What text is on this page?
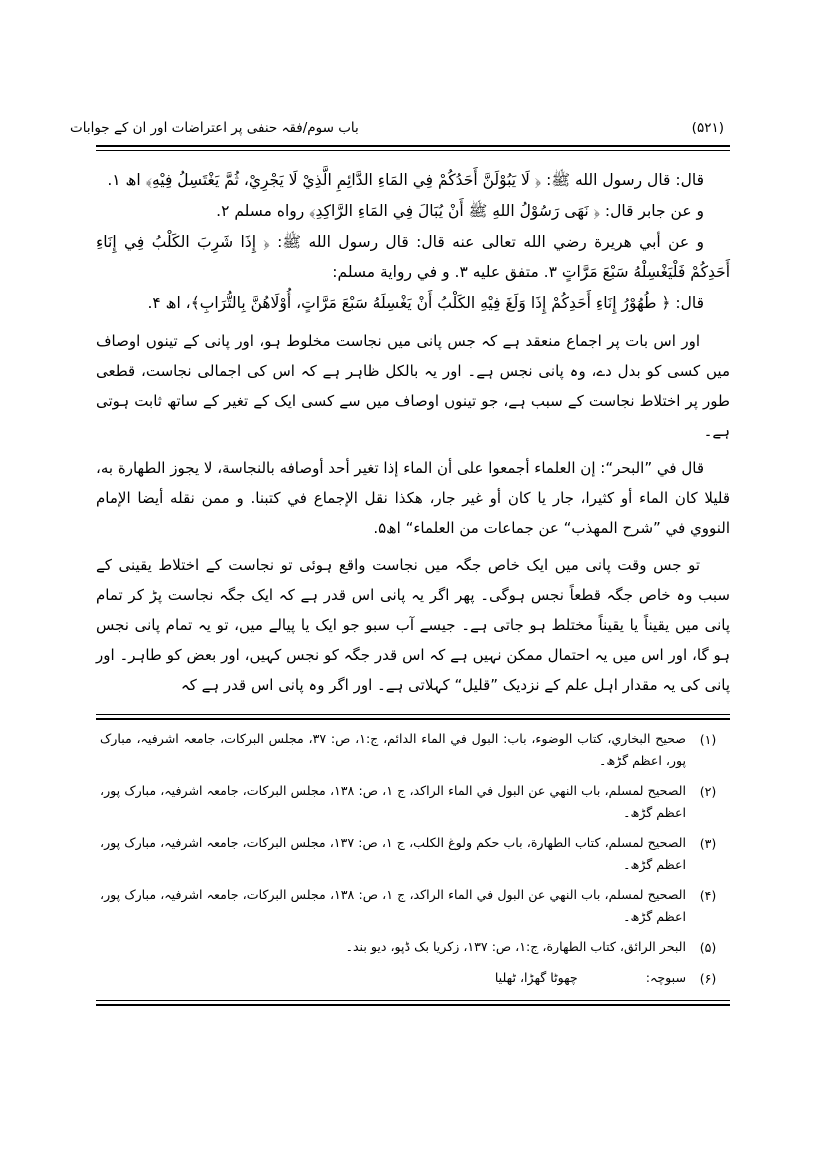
باب سوم/فقہ حنفی پر اعتراضات اور ان کے جوابات	(۵۲۱)

قال: قال رسول الله ﷺ: ﴿ لَا يَبُوْلَنَّ أَحَدُكُمْ فِي المَاءِ الدَّائِمِ الَّذِيْ لَا يَجْرِيْ، ثُمَّ يَغْتَسِلُ فِيْهِ﴾ اھ ۱.

و عن جابر قال: ﴿ نَهَى رَسُوْلُ اللهِ ﷺ أَنْ يُبَالَ فِي المَاءِ الرَّاكِدِ﴾ رواه مسلم ۲.

و عن أبي هريرة رضي الله تعالى عنه قال: قال رسول الله ﷺ: ﴿ إِذَا شَرِبَ الكَلْبُ فِي إِنَاءِ أَحَدِكُمْ فَلْيَغْسِلْهُ سَبْعَ مَرَّاتٍ ۳. متفق عليه ۳. و في رواية مسلم:

قال: ﴿ طُهُوْرُ إِنَاءِ أَحَدِكُمْ إِذَا وَلَغَ فِيْهِ الكَلْبُ أَنْ يَغْسِلَهُ سَبْعَ مَرَّاتٍ، أُوْلَاهُنَّ بِالتُّرَابِ﴾، اھ ۴.

اور اس بات پر اجماع منعقد ہے کہ جس پانی میں نجاست مخلوط ہو، اور پانی کے تینوں اوصاف میں کسی کو بدل دے، وہ پانی نجس ہے۔ اور یہ بالکل ظاہر ہے کہ اس کی اجمالی نجاست، قطعی طور پر اختلاط نجاست کے سبب ہے، جو تینوں اوصاف میں سے کسی ایک کے تغیر کے ساتھ ثابت ہوتی ہے۔

قال في ”البحر“: إن العلماء أجمعوا على أن الماء إذا تغير أحد أوصافه بالنجاسة، لا يجوز الطهارة به، قليلا كان الماء أو كثيرا، جار يا كان أو غير جار، هكذا نقل الإجماع في كتبنا. و ممن نقله أيضا الإمام النووي في ”شرح المهذب“ عن جماعات من العلماء“ اھ۵.

تو جس وقت پانی میں ایک خاص جگہ میں نجاست واقع ہوئی تو نجاست کے اختلاط یقینی کے سبب وہ خاص جگہ قطعاً نجس ہوگی۔ پھر اگر یہ پانی اس قدر ہے کہ ایک جگہ نجاست پڑ کر تمام پانی میں یقیناً یا یقیناً مختلط ہو جاتی ہے۔ جیسے آب سبو جو ایک یا پیالے میں، تو یہ تمام پانی نجس ہو گا، اور اس میں یہ احتمال ممکن نہیں ہے کہ اس قدر جگہ کو نجس کہیں، اور بعض کو طاہر۔ اور پانی کی یہ مقدار اہل علم کے نزدیک ”قلیل“ کہلاتی ہے۔ اور اگر وہ پانی اس قدر ہے کہ

(۱)
صحيح البخاري، كتاب الوضوء، باب: البول في الماء الدائم، ج:۱، ص: ۳۷، مجلس البركات، جامعہ اشرفیہ، مبارک پور، اعظم گڑھ۔
(۲)
الصحيح لمسلم، باب النهي عن البول في الماء الراكد، ج ۱، ص: ۱۳۸، مجلس البركات، جامعہ اشرفیہ، مبارک پور، اعظم گڑھ۔
(۳)
الصحيح لمسلم، كتاب الطهارة، باب حكم ولوغ الكلب، ج ۱، ص: ۱۳۷، مجلس البركات، جامعہ اشرفیہ، مبارک پور، اعظم گڑھ۔
(۴)
الصحيح لمسلم، باب النهي عن البول في الماء الراكد، ج ۱، ص: ۱۳۸، مجلس البركات، جامعہ اشرفیہ، مبارک پور، اعظم گڑھ۔
(۵)
البحر الرائق، كتاب الطهارة، ج:۱، ص: ۱۳۷، زكريا بک ڈپو، دیو بند۔
(۶)
سبوچہ: چھوٹا گھڑا، ٹھلیا
